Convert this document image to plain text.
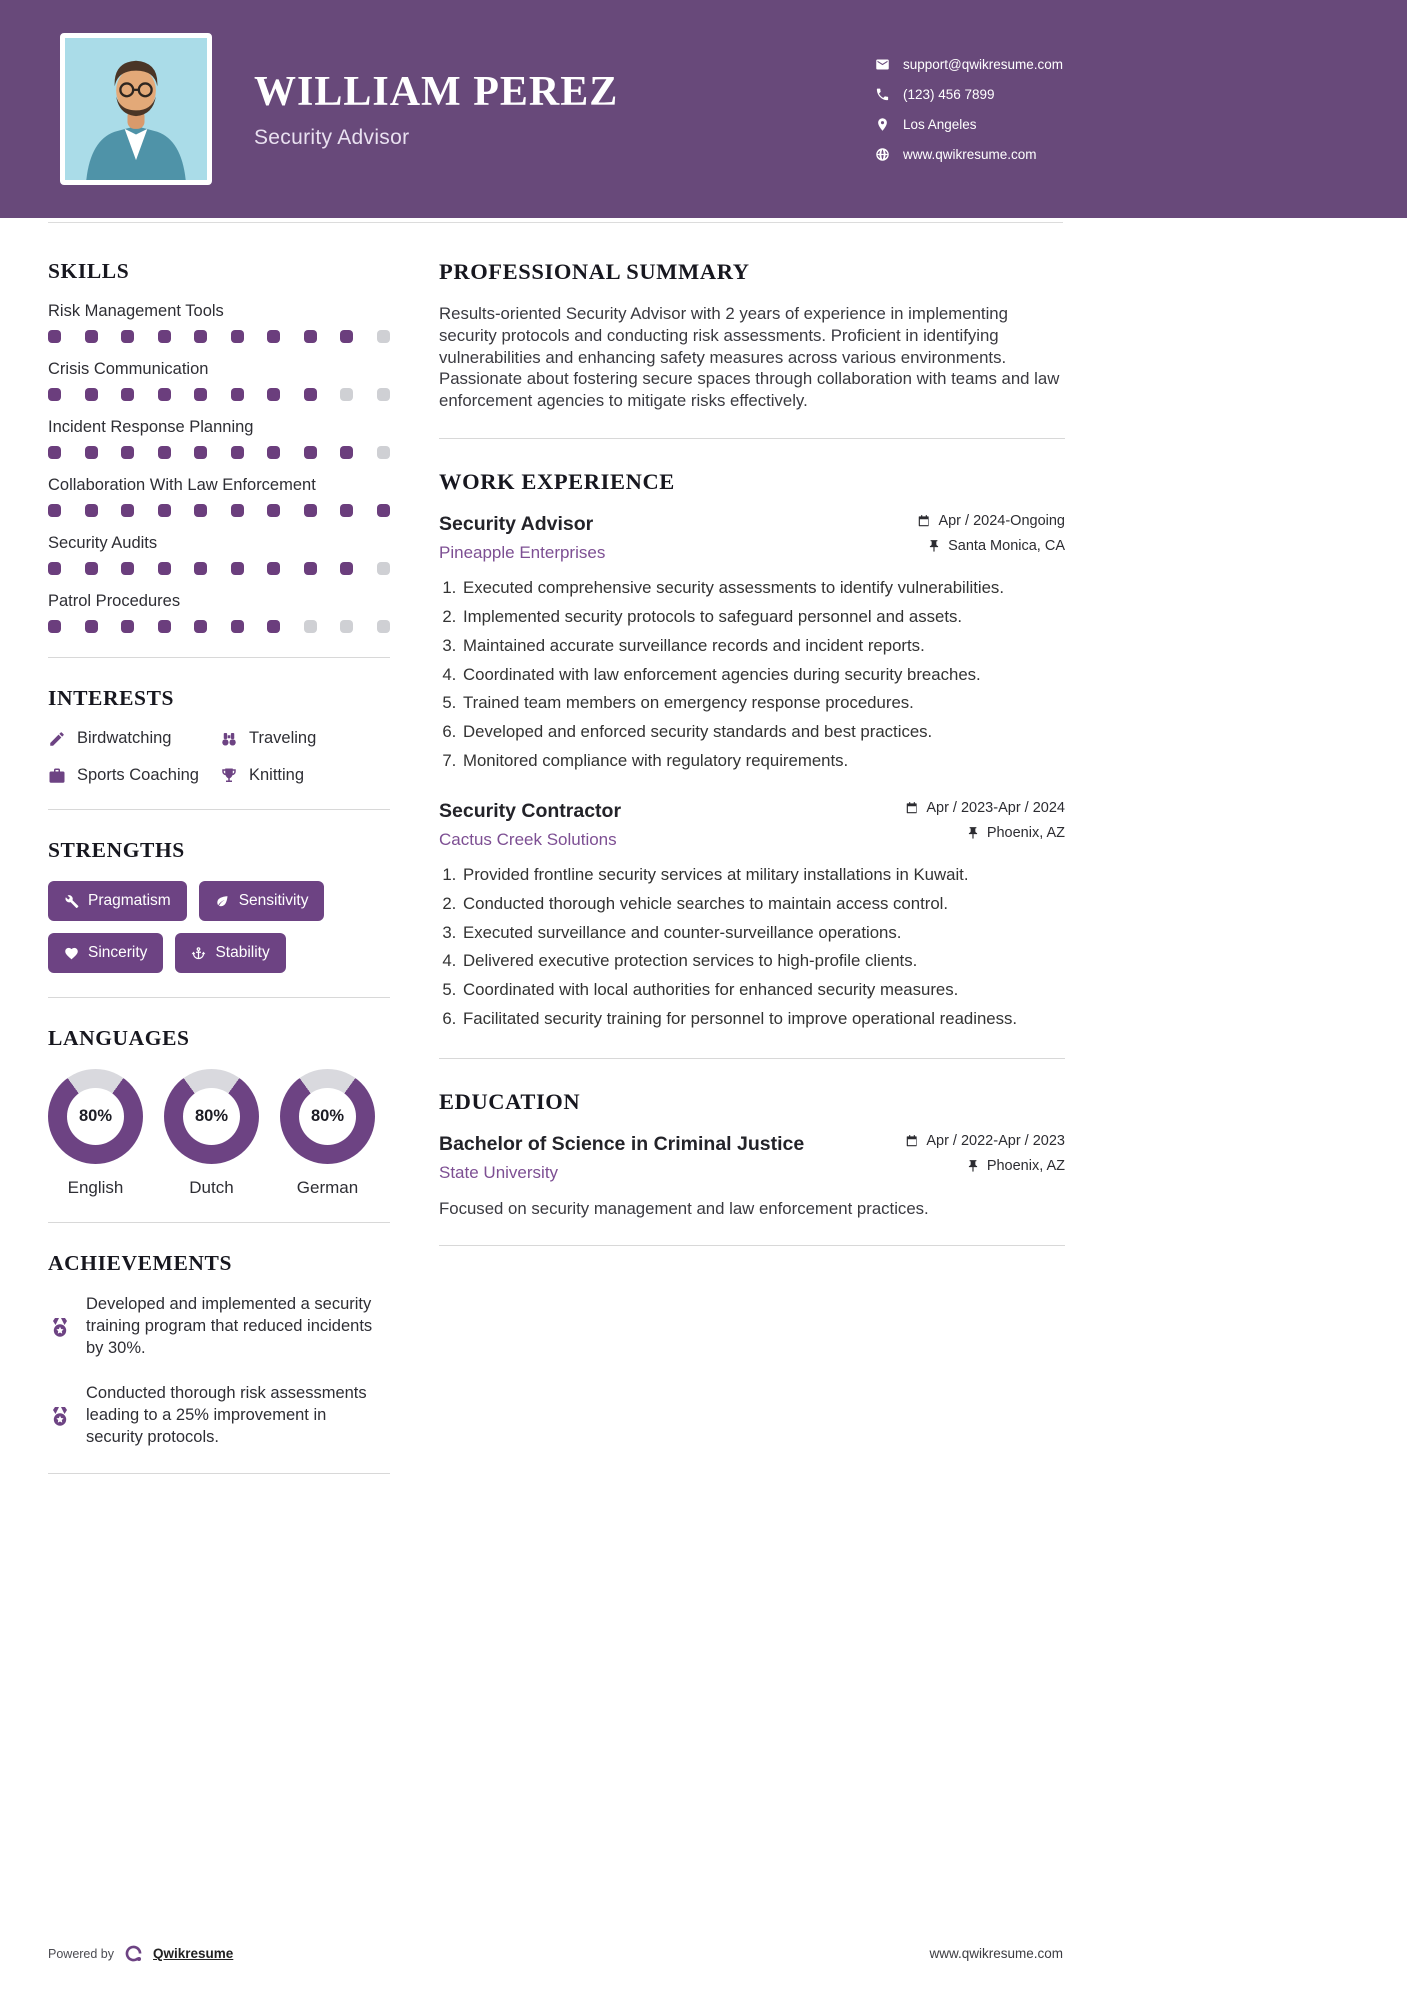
WILLIAM PEREZ
Security Advisor
support@qwikresume.com
(123) 456 7899
Los Angeles
www.qwikresume.com
SKILLS
Risk Management Tools
Crisis Communication
Incident Response Planning
Collaboration With Law Enforcement
Security Audits
Patrol Procedures
INTERESTS
Birdwatching	Traveling
Sports Coaching	Knitting
STRENGTHS
Pragmatism	Sensitivity
Sincerity	Stability
LANGUAGES
80%
English
80%
Dutch
80%
German
ACHIEVEMENTS
Developed and implemented a security training program that reduced incidents by 30%.
Conducted thorough risk assessments leading to a 25% improvement in security protocols.
PROFESSIONAL SUMMARY

Results-oriented Security Advisor with 2 years of experience in implementing security protocols and conducting risk assessments. Proficient in identifying vulnerabilities and enhancing safety measures across various environments. Passionate about fostering secure spaces through collaboration with teams and law enforcement agencies to mitigate risks effectively.

WORK EXPERIENCE
Security Advisor
Pineapple Enterprises
Apr / 2024-Ongoing
Santa Monica, CA
1. Executed comprehensive security assessments to identify vulnerabilities.
2. Implemented security protocols to safeguard personnel and assets.
3. Maintained accurate surveillance records and incident reports.
4. Coordinated with law enforcement agencies during security breaches.
5. Trained team members on emergency response procedures.
6. Developed and enforced security standards and best practices.
7. Monitored compliance with regulatory requirements.
Security Contractor
Cactus Creek Solutions
Apr / 2023-Apr / 2024
Phoenix, AZ
1. Provided frontline security services at military installations in Kuwait.
2. Conducted thorough vehicle searches to maintain access control.
3. Executed surveillance and counter-surveillance operations.
4. Delivered executive protection services to high-profile clients.
5. Coordinated with local authorities for enhanced security measures.
6. Facilitated security training for personnel to improve operational readiness.
EDUCATION
Bachelor of Science in Criminal Justice
State University
Apr / 2022-Apr / 2023
Phoenix, AZ
Focused on security management and law enforcement practices.
Powered by	Qwikresume	www.qwikresume.com
